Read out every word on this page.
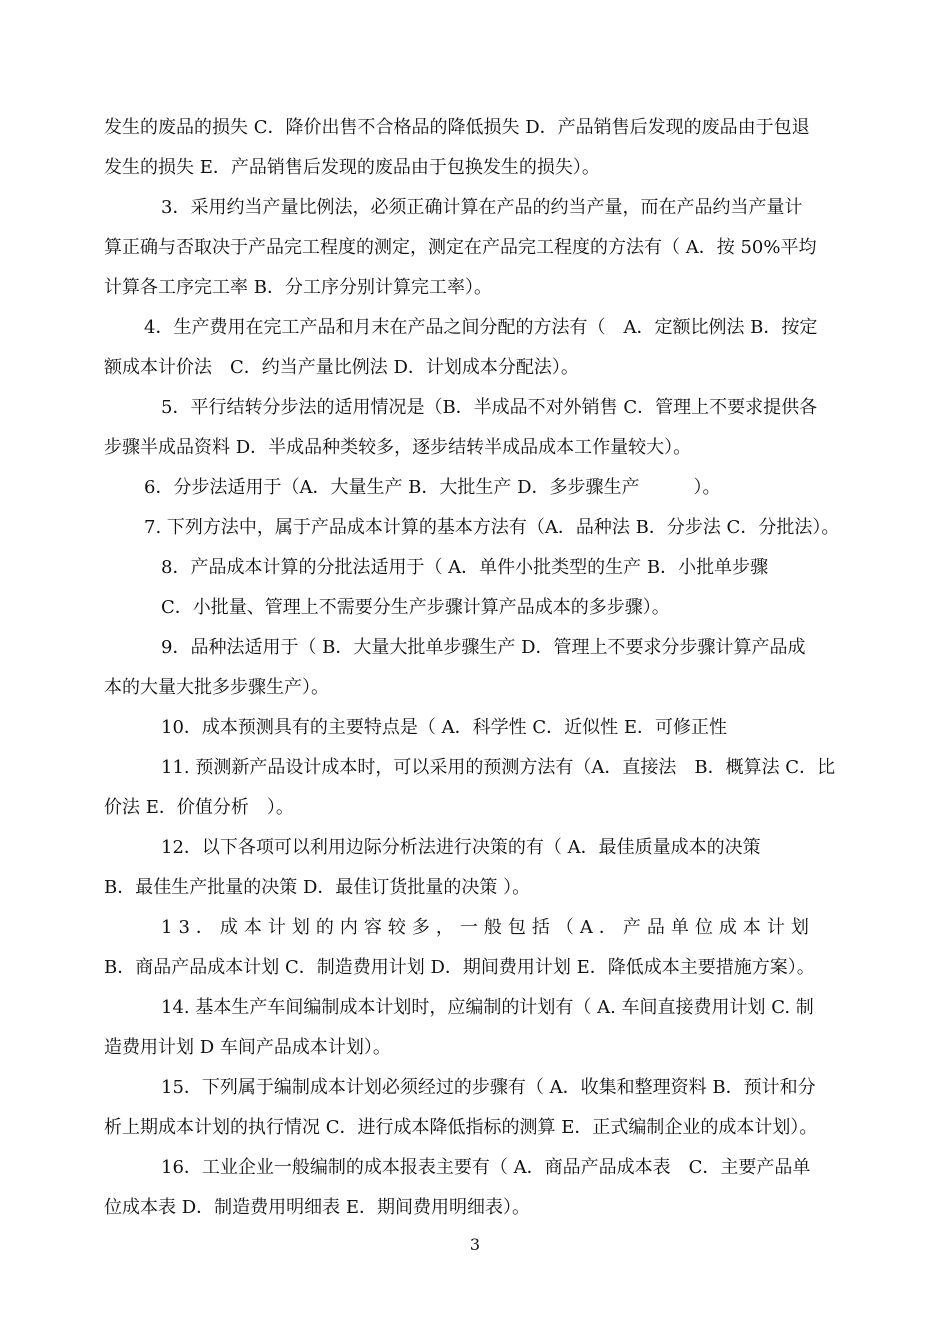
发生的废品的损失 C．降价出售不合格品的降低损失 D．产品销售后发现的废品由于包退
发生的损失 E．产品销售后发现的废品由于包换发生的损失）。
3．采用约当产量比例法，必须正确计算在产品的约当产量，而在产品约当产量计
算正确与否取决于产品完工程度的测定，测定在产品完工程度的方法有（ A．按 50%平均
计算各工序完工率 B．分工序分别计算完工率）。
4．生产费用在完工产品和月末在产品之间分配的方法有（　A．定额比例法 B．按定
额成本计价法　C．约当产量比例法 D．计划成本分配法）。
5．平行结转分步法的适用情况是（B．半成品不对外销售 C．管理上不要求提供各
步骤半成品资料 D．半成品种类较多，逐步结转半成品成本工作量较大）。
6．分步法适用于（A．大量生产 B．大批生产 D．多步骤生产　　　）。
7. 下列方法中，属于产品成本计算的基本方法有（A．品种法 B．分步法 C．分批法）。
8．产品成本计算的分批法适用于（ A．单件小批类型的生产 B．小批单步骤
C．小批量、管理上不需要分生产步骤计算产品成本的多步骤）。
9．品种法适用于（ B．大量大批单步骤生产 D．管理上不要求分步骤计算产品成
本的大量大批多步骤生产）。
10．成本预测具有的主要特点是（ A．科学性 C．近似性 E．可修正性
11. 预测新产品设计成本时，可以采用的预测方法有（A．直接法　B．概算法 C．比
价法 E．价值分析　）。
12．以下各项可以利用边际分析法进行决策的有（ A．最佳质量成本的决策
B．最佳生产批量的决策 D．最佳订货批量的决策 ）。
13．成本计划的内容较多，一般包括（A．产品单位成本计划
B．商品产品成本计划 C．制造费用计划 D．期间费用计划 E．降低成本主要措施方案）。
14. 基本生产车间编制成本计划时，应编制的计划有（ A. 车间直接费用计划 C. 制
造费用计划 D 车间产品成本计划）。
15．下列属于编制成本计划必须经过的步骤有（ A．收集和整理资料 B．预计和分
析上期成本计划的执行情况 C．进行成本降低指标的测算 E．正式编制企业的成本计划）。
16．工业企业一般编制的成本报表主要有（ A．商品产品成本表　C．主要产品单
位成本表 D．制造费用明细表 E．期间费用明细表）。
3
